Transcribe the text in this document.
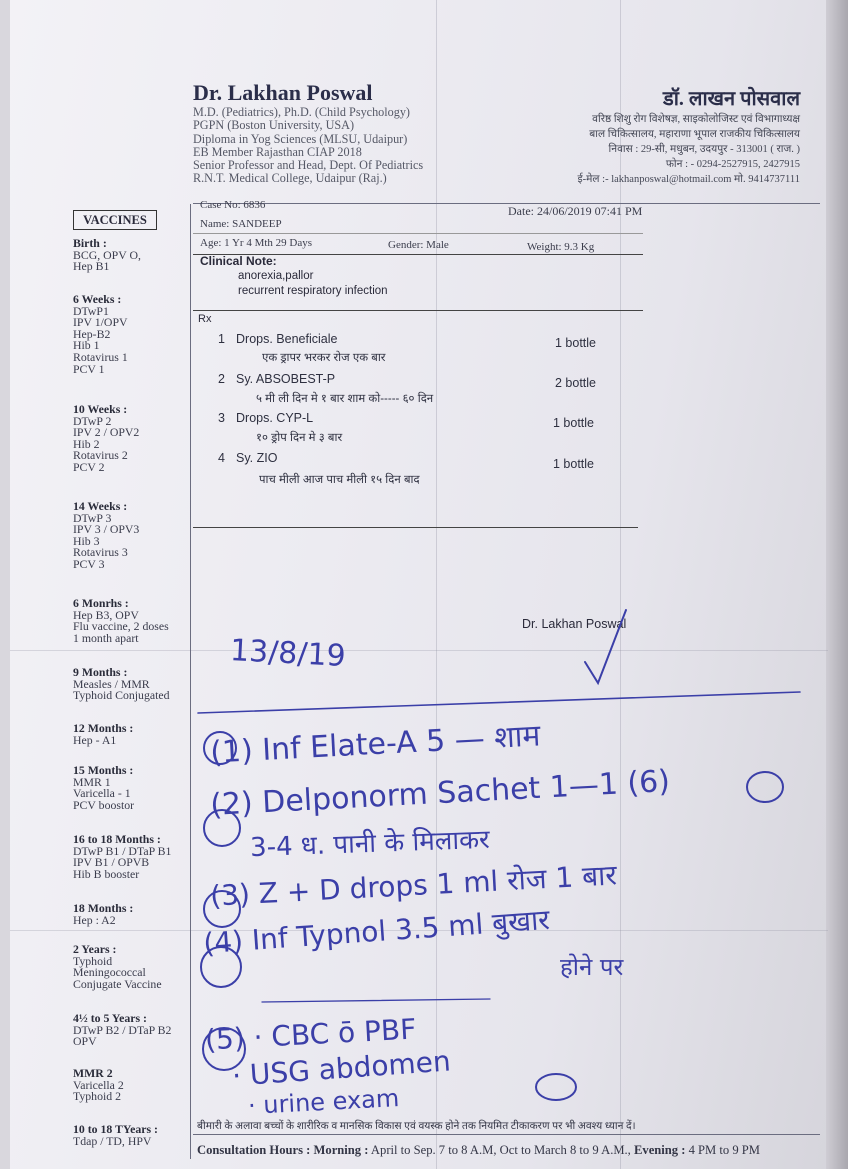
Dr. Lakhan Poswal
M.D. (Pediatrics), Ph.D. (Child Psychology)
PGPN (Boston University, USA)
Diploma in Yog Sciences (MLSU, Udaipur)
EB Member Rajasthan CIAP 2018
Senior Professor and Head, Dept. Of Pediatrics
R.N.T. Medical College, Udaipur (Raj.)
डॉ. लाखन पोसवाल
वरिष्ठ शिशु रोग विशेषज्ञ, साइकोलोजिस्ट एवं विभागाध्यक्ष
बाल चिकित्सालय, महाराणा भूपाल राजकीय चिकित्सालय
निवास : 29-सी, मधुबन, उदयपुर - 313001 ( राज. )
फोन : - 0294-2527915, 2427915
ई-मेल :- lakhanposwal@hotmail.com मो. 9414737111
Case No: 6836	Date: 24/06/2019 07:41 PM
Name: SANDEEP
Age: 1 Yr 4 Mth 29 Days	Gender: Male	Weight: 9.3 Kg
Clinical Note:
anorexia,pallor
recurrent respiratory infection
Rx
1 Drops. Beneficiale	1 bottle
एक ड्रापर भरकर रोज एक बार
2 Sy. ABSOBEST-P	2 bottle
५ मी ली दिन मे १ बार शाम को----- ६० दिन
3 Drops. CYP-L	1 bottle
१० ड्रोप दिन मे ३ बार
4 Sy. ZIO	1 bottle
पाच मीली आज पाच मीली १५ दिन बाद
Dr. Lakhan Poswal
VACCINES
Birth :
BCG, OPV O,
Hep B1
6 Weeks :
DTwP1
IPV 1/OPV
Hep-B2
Hib 1
Rotavirus 1
PCV 1
10 Weeks :
DTwP 2
IPV 2 / OPV2
Hib 2
Rotavirus 2
PCV 2
14 Weeks :
DTwP 3
IPV 3 / OPV3
Hib 3
Rotavirus 3
PCV 3
6 Monrhs :
Hep B3, OPV
Flu vaccine, 2 doses
1 month apart
9 Months :
Measles / MMR
Typhoid Conjugated
12 Months :
Hep - A1
15 Months :
MMR 1
Varicella - 1
PCV boostor
16 to 18 Months :
DTwP B1 / DTaP B1
IPV B1 / OPVB
Hib B booster
18 Months :
Hep : A2
2 Years :
Typhoid
Meningococcal
Conjugate Vaccine
4½ to 5 Years :
DTwP B2 / DTaP B2
OPV
MMR 2
Varicella 2
Typhoid 2
10 to 18 TYears :
Tdap / TD, HPV
13/8/19
(1) Inf Elate-A 5 — शाम
(2) Delponorm Sachet 1—1 (6)
3-4 ध. पानी के मिलाकर
(3) Z + D drops 1 ml रोज 1 बार
(4) Inf Typnol 3.5 ml बुखार
होने पर
(5) · CBC ō PBF
· USG abdomen
· urine exam
बीमारी के अलावा बच्चों के शारीरिक व मानसिक विकास एवं वयस्क होने तक नियमित टीकाकरण पर भी अवश्य ध्यान दें।
Consultation Hours : Morning : April to Sep. 7 to 8 A.M, Oct to March 8 to 9 A.M., Evening : 4 PM to 9 PM
